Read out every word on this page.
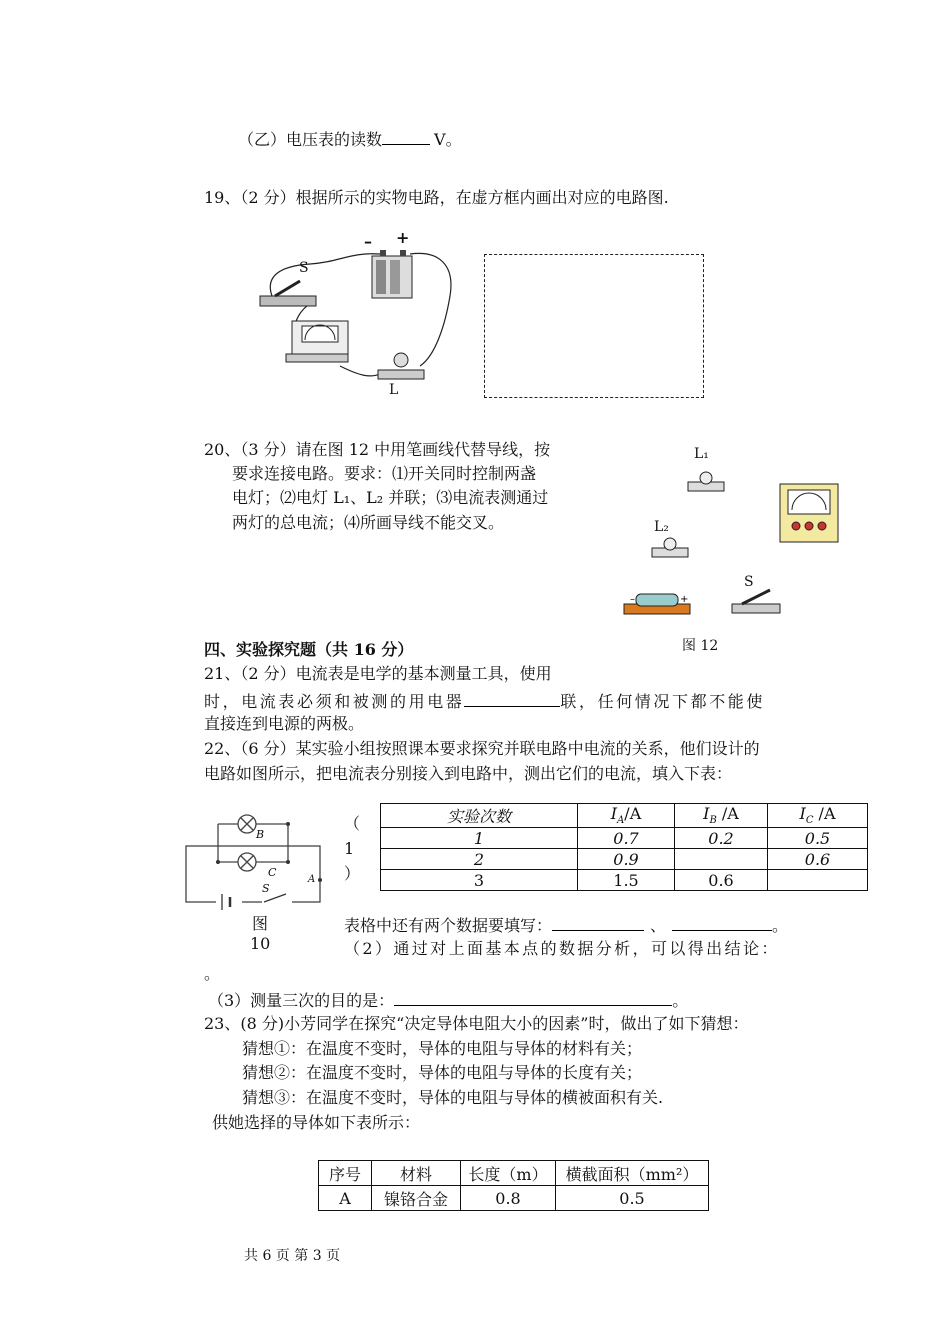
（乙）电压表的读数	V。
19、（2 分）根据所示的实物电路，在虚方框内画出对应的电路图.
– +
S
L
20、（3 分）请在图 12 中用笔画线代替导线，按
要求连接电路。要求：⑴开关同时控制两盏
电灯；⑵电灯 L₁、L₂ 并联；⑶电流表测通过
两灯的总电流；⑷所画导线不能交叉。
L₁
L₂
S
–	+
图 12
四、实验探究题（共 16 分）
21、（2 分）电流表是电学的基本测量工具，使用
时，电流表必须和被测的用电器	联，任何情况下都不能使
直接连到电源的两极。
22、（6 分）某实验小组按照课本要求探究并联电路中电流的关系，他们设计的
电路如图所示，把电流表分别接入到电路中，测出它们的电流，填入下表：
B
C
S
A
图
10
（
1
）
实验次数	$I_A/A$	$I_B$ /A	$I_C$ /A
1	0.7	0.2	0.5
2	0.9		0.6
3	1.5	0.6	
表格中还有两个数据要填写：	、	。
（2）通过对上面基本点的数据分析，可以得出结论：
。
（3）测量三次的目的是：	。
23、(8 分)小芳同学在探究“决定导体电阻大小的因素”时，做出了如下猜想：
猜想①：在温度不变时，导体的电阻与导体的材料有关；
猜想②：在温度不变时，导体的电阻与导体的长度有关；
猜想③：在温度不变时，导体的电阻与导体的横被面积有关.
供她选择的导体如下表所示：
序号	材料	长度（m）	横截面积（mm²）
A	镍铬合金	0.8	0.5
共 6 页 第 3 页
